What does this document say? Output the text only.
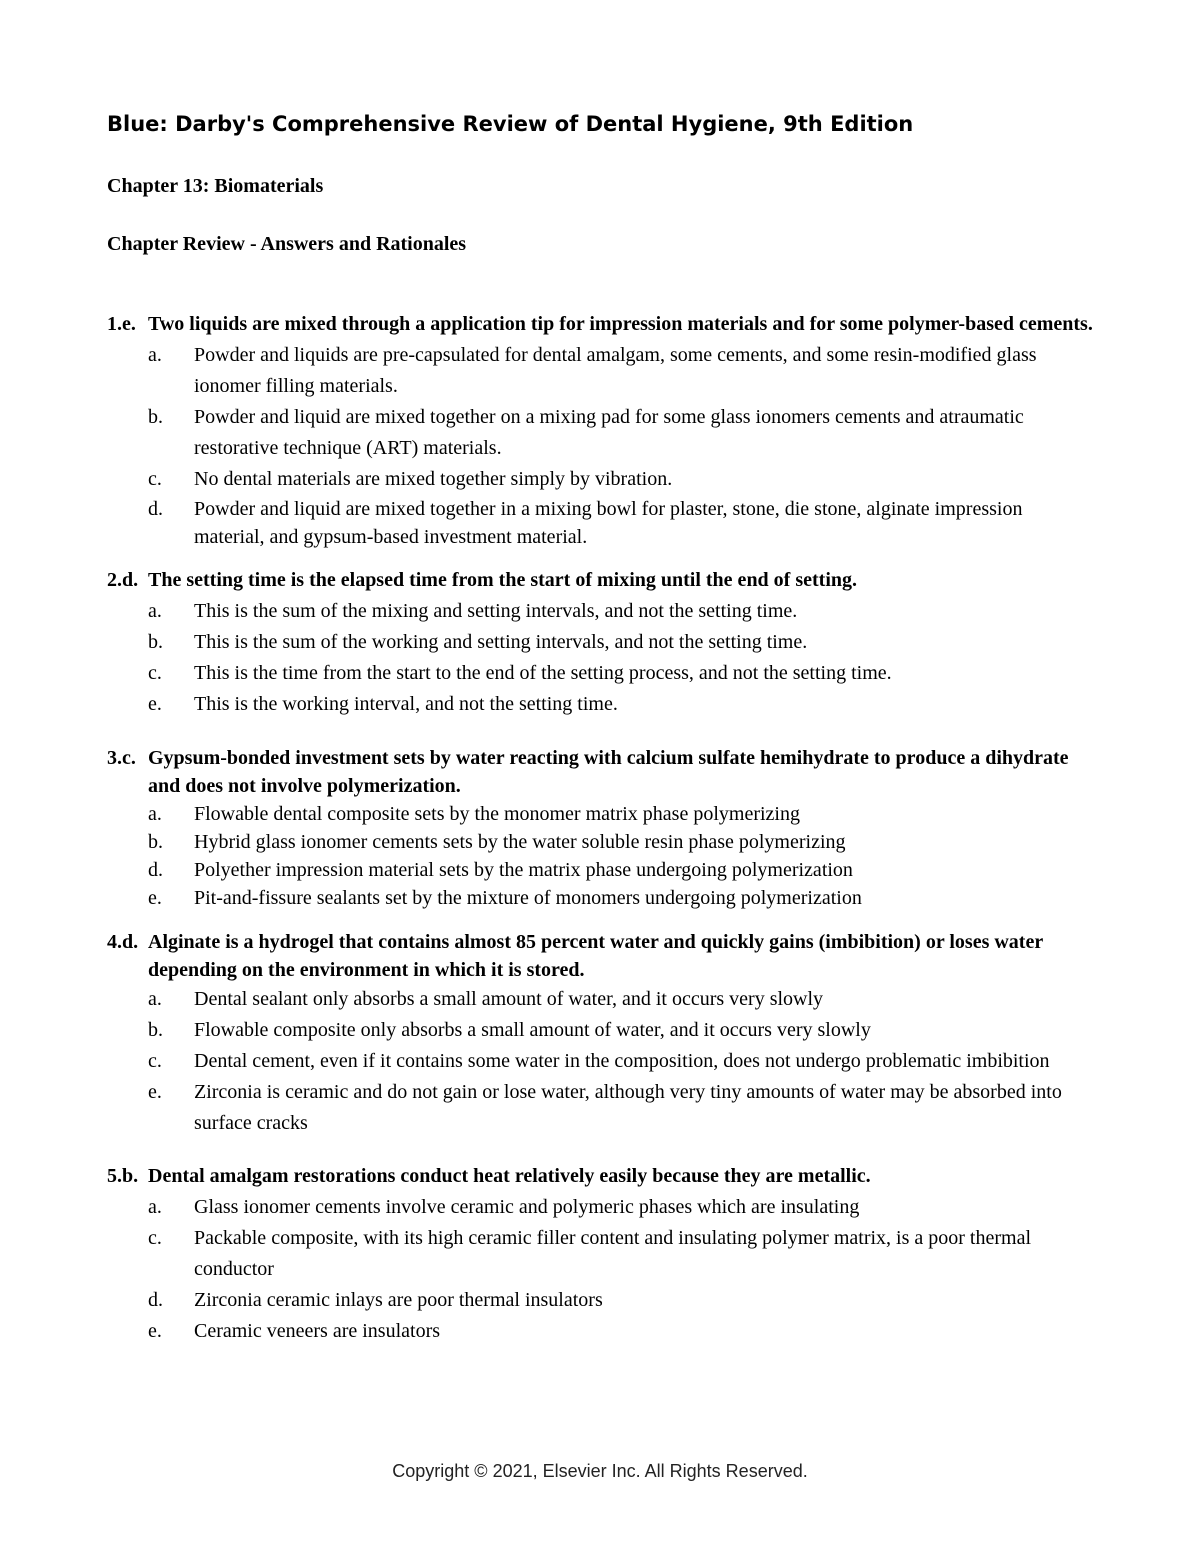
Blue: Darby's Comprehensive Review of Dental Hygiene, 9th Edition
Chapter 13: Biomaterials
Chapter Review - Answers and Rationales
1.e. Two liquids are mixed through a application tip for impression materials and for some polymer-based cements.
a.	Powder and liquids are pre-capsulated for dental amalgam, some cements, and some resin-modified glass ionomer filling materials.
b.	Powder and liquid are mixed together on a mixing pad for some glass ionomers cements and atraumatic restorative technique (ART) materials.
c.	No dental materials are mixed together simply by vibration.
d.	Powder and liquid are mixed together in a mixing bowl for plaster, stone, die stone, alginate impression material, and gypsum-based investment material.
2.d. The setting time is the elapsed time from the start of mixing until the end of setting.
a.	This is the sum of the mixing and setting intervals, and not the setting time.
b.	This is the sum of the working and setting intervals, and not the setting time.
c.	This is the time from the start to the end of the setting process, and not the setting time.
e.	This is the working interval, and not the setting time.
3.c. Gypsum-bonded investment sets by water reacting with calcium sulfate hemihydrate to produce a dihydrate and does not involve polymerization.
a.	Flowable dental composite sets by the monomer matrix phase polymerizing
b.	Hybrid glass ionomer cements sets by the water soluble resin phase polymerizing
d.	Polyether impression material sets by the matrix phase undergoing polymerization
e.	Pit-and-fissure sealants set by the mixture of monomers undergoing polymerization
4.d. Alginate is a hydrogel that contains almost 85 percent water and quickly gains (imbibition) or loses water depending on the environment in which it is stored.
a.	Dental sealant only absorbs a small amount of water, and it occurs very slowly
b.	Flowable composite only absorbs a small amount of water, and it occurs very slowly
c.	Dental cement, even if it contains some water in the composition, does not undergo problematic imbibition
e.	Zirconia is ceramic and do not gain or lose water, although very tiny amounts of water may be absorbed into surface cracks
5.b. Dental amalgam restorations conduct heat relatively easily because they are metallic.
a.	Glass ionomer cements involve ceramic and polymeric phases which are insulating
c.	Packable composite, with its high ceramic filler content and insulating polymer matrix, is a poor thermal conductor
d.	Zirconia ceramic inlays are poor thermal insulators
e.	Ceramic veneers are insulators

Copyright © 2021, Elsevier Inc. All Rights Reserved.
